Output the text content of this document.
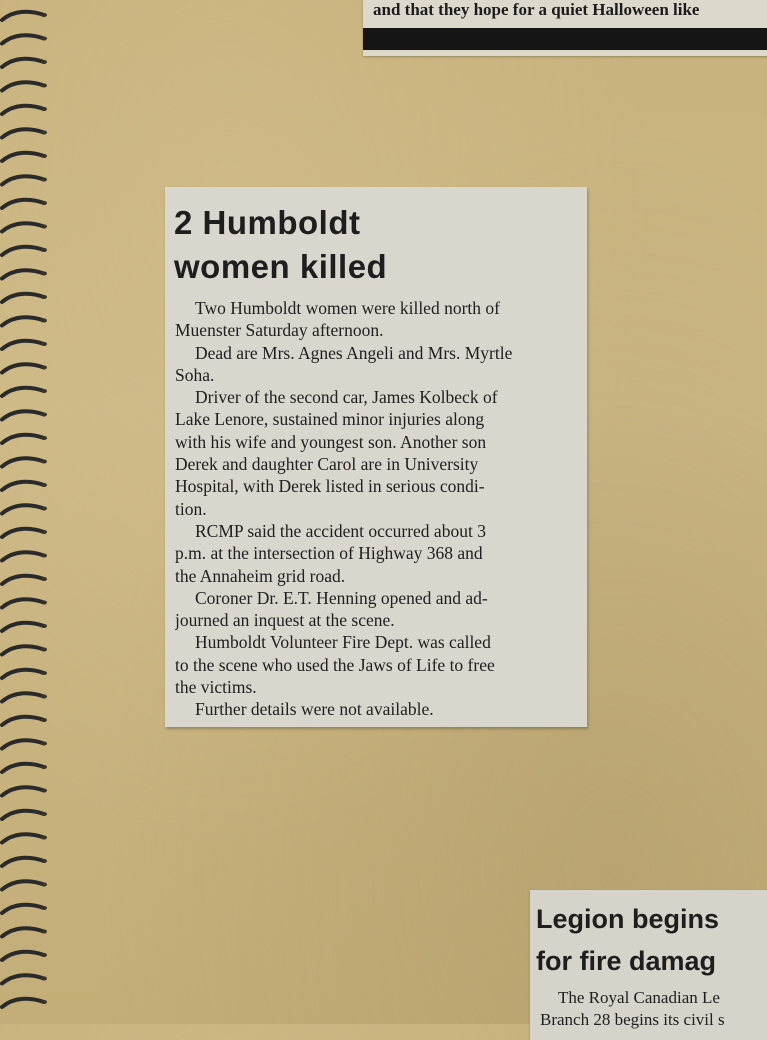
and that they hope for a quiet Halloween like
2 Humboldt
women killed
Two Humboldt women were killed north of
Muenster Saturday afternoon.
Dead are Mrs. Agnes Angeli and Mrs. Myrtle
Soha.
Driver of the second car, James Kolbeck of
Lake Lenore, sustained minor injuries along
with his wife and youngest son. Another son
Derek and daughter Carol are in University
Hospital, with Derek listed in serious condi-
tion.
RCMP said the accident occurred about 3
p.m. at the intersection of Highway 368 and
the Annaheim grid road.
Coroner Dr. E.T. Henning opened and ad-
journed an inquest at the scene.
Humboldt Volunteer Fire Dept. was called
to the scene who used the Jaws of Life to free
the victims.
Further details were not available.
Legion begins
for fire damag
The Royal Canadian Le
Branch 28 begins its civil s
